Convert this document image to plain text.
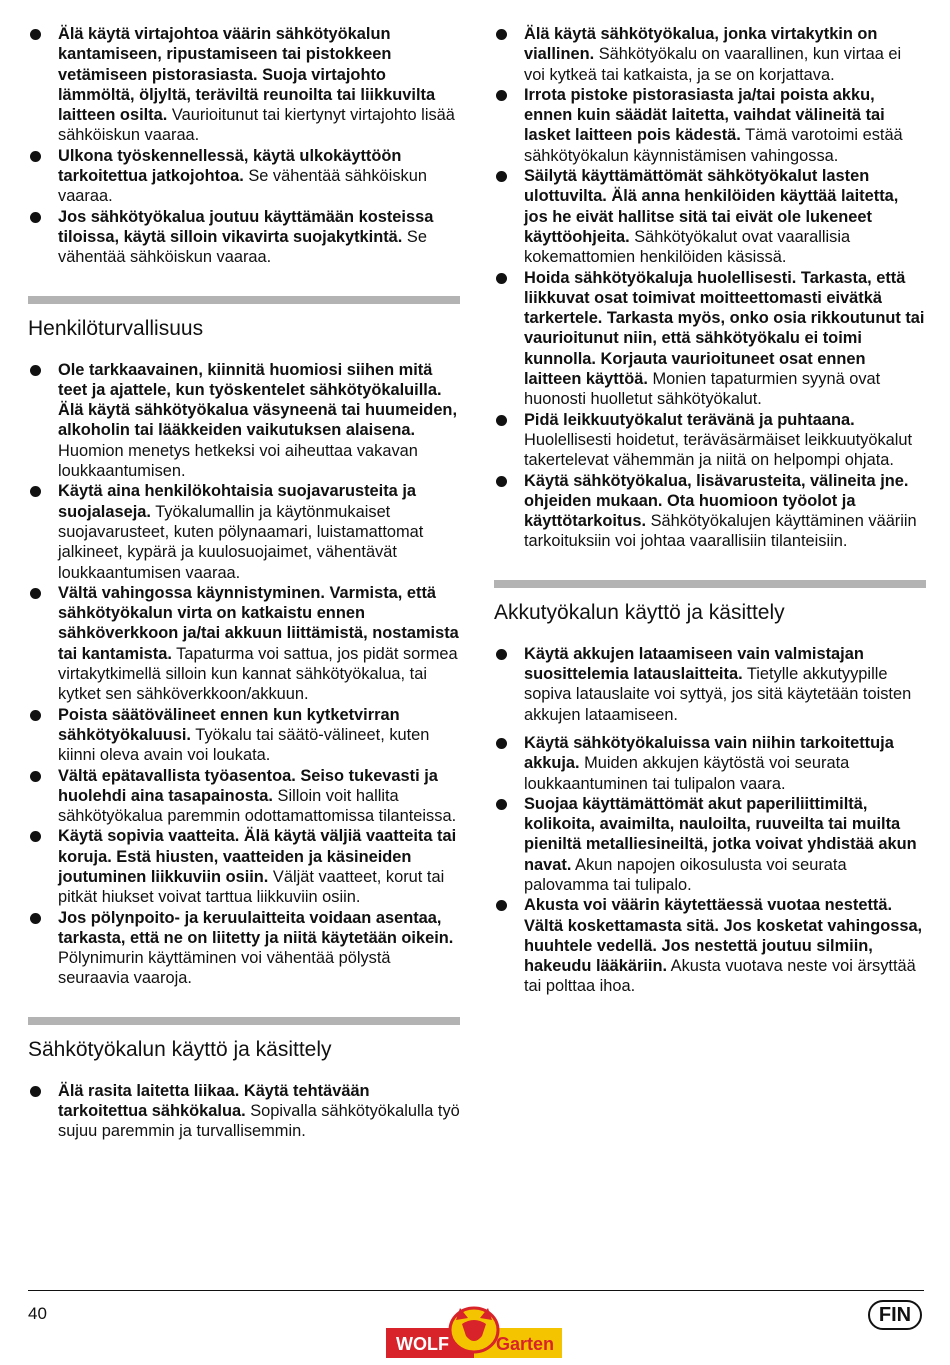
Älä käytä virtajohtoa väärin sähkötyökalun kantamiseen, ripustamiseen tai pistokkeen vetämiseen pistorasiasta. Suoja virtajohto lämmöltä, öljyltä, teräviltä reunoilta tai liikkuvilta laitteen osilta. Vaurioitunut tai kiertynyt virtajohto lisää sähköiskun vaaraa.
Ulkona työskennellessä, käytä ulkokäyttöön tarkoitettua jatkojohtoa. Se vähentää sähköiskun vaaraa.
Jos sähkötyökalua joutuu käyttämään kosteissa tiloissa, käytä silloin vikavirta suojakytkintä. Se vähentää sähköiskun vaaraa.
Henkilöturvallisuus
Ole tarkkaavainen, kiinnitä huomiosi siihen mitä teet ja ajattele, kun työskentelet sähkötyökaluilla. Älä käytä sähkötyökalua väsyneenä tai huumeiden, alkoholin tai lääkkeiden vaikutuksen alaisena. Huomion menetys hetkeksi voi aiheuttaa vakavan loukkaantumisen.
Käytä aina henkilökohtaisia suojavarusteita ja suojalaseja. Työkalumallin ja käytönmukaiset suojavarusteet, kuten pölynaamari, luistamattomat jalkineet, kypärä ja kuulosuojaimet, vähentävät loukkaantumisen vaaraa.
Vältä vahingossa käynnistyminen. Varmista, että sähkötyökalun virta on katkaistu ennen sähköverkkoon ja/tai akkuun liittämistä, nostamista tai kantamista. Tapaturma voi sattua, jos pidät sormea virtakytkimellä silloin kun kannat sähkötyökalua, tai kytket sen sähköverkkoon/akkuun.
Poista säätövälineet ennen kun kytketvirran sähkötyökaluusi. Työkalu tai säätö-välineet, kuten kiinni oleva avain voi loukata.
Vältä epätavallista työasentoa. Seiso tukevasti ja huolehdi aina tasapainosta. Silloin voit hallita sähkötyökalua paremmin odottamattomissa tilanteissa.
Käytä sopivia vaatteita. Älä käytä väljiä vaatteita tai koruja. Estä hiusten, vaatteiden ja käsineiden joutuminen liikkuviin osiin. Väljät vaatteet, korut tai pitkät hiukset voivat tarttua liikkuviin osiin.
Jos pölynpoito- ja keruulaitteita voidaan asentaa, tarkasta, että ne on liitetty ja niitä käytetään oikein. Pölynimurin käyttäminen voi vähentää pölystä seuraavia vaaroja.
Sähkötyökalun käyttö ja käsittely
Älä rasita laitetta liikaa. Käytä tehtävään tarkoitettua sähkökalua. Sopivalla sähkötyökalulla työ sujuu paremmin ja turvallisemmin.
Älä käytä sähkötyökalua, jonka virtakytkin on viallinen. Sähkötyökalu on vaarallinen, kun virtaa ei voi kytkeä tai katkaista, ja se on korjattava.
Irrota pistoke pistorasiasta ja/tai poista akku, ennen kuin säädät laitetta, vaihdat välineitä tai lasket laitteen pois kädestä. Tämä varotoimi estää sähkötyökalun käynnistämisen vahingossa.
Säilytä käyttämättömät sähkötyökalut lasten ulottuvilta. Älä anna henkilöiden käyttää laitetta, jos he eivät hallitse sitä tai eivät ole lukeneet käyttöohjeita. Sähkötyökalut ovat vaarallisia kokemattomien henkilöiden käsissä.
Hoida sähkötyökaluja huolellisesti. Tarkasta, että liikkuvat osat toimivat moitteettomasti eivätkä tarkertele. Tarkasta myös, onko osia rikkoutunut tai vaurioitunut niin, että sähkötyökalu ei toimi kunnolla. Korjauta vaurioituneet osat ennen laitteen käyttöä. Monien tapaturmien syynä ovat huonosti huolletut sähkötyökalut.
Pidä leikkuutyökalut terävänä ja puhtaana. Huolellisesti hoidetut, teräväsärmäiset leikkuutyökalut takertelevat vähemmän ja niitä on helpompi ohjata.
Käytä sähkötyökalua, lisävarusteita, välineita jne. ohjeiden mukaan. Ota huomioon työolot ja käyttötarkoitus. Sähkötyökalujen käyttäminen vääriin tarkoituksiin voi johtaa vaarallisiin tilanteisiin.
Akkutyökalun käyttö ja käsittely
Käytä akkujen lataamiseen vain valmistajan suosittelemia latauslaitteita. Tietylle akkutyypille sopiva latauslaite voi syttyä, jos sitä käytetään toisten akkujen lataamiseen.
Käytä sähkötyökaluissa vain niihin tarkoitettuja akkuja. Muiden akkujen käytöstä voi seurata loukkaantuminen tai tulipalon vaara.
Suojaa käyttämättömät akut paperiliittimiltä, kolikoita, avaimilta, nauloilta, ruuveilta tai muilta pieniltä metalliesineiltä, jotka voivat yhdistää akun navat. Akun napojen oikosulusta voi seurata palovamma tai tulipalo.
Akusta voi väärin käytettäessä vuotaa nestettä. Vältä koskettamasta sitä. Jos kosketat vahingossa, huuhtele vedellä. Jos nestettä joutuu silmiin, hakeudu lääkäriin. Akusta vuotava neste voi ärsyttää tai polttaa ihoa.
40
WOLF	Garten
FIN
